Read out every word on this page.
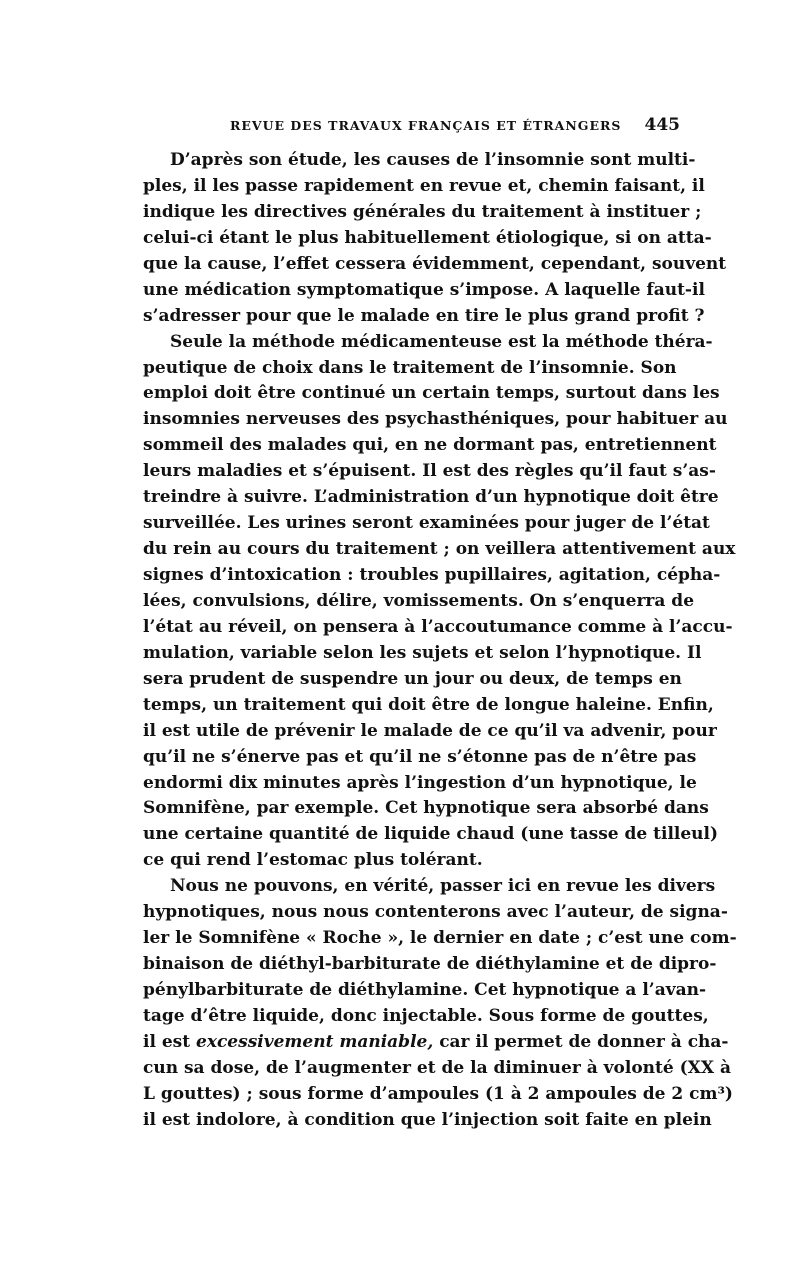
REVUE DES TRAVAUX FRANÇAIS ET ÉTRANGERS 445
D’après son étude, les causes de l’insomnie sont multi-
ples, il les passe rapidement en revue et, chemin faisant, il
indique les directives générales du traitement à instituer ;
celui-ci étant le plus habituellement étiologique, si on atta-
que la cause, l’effet cessera évidemment, cependant, souvent
une médication symptomatique s’impose. A laquelle faut-il
s’adresser pour que le malade en tire le plus grand profit ?
Seule la méthode médicamenteuse est la méthode théra-
peutique de choix dans le traitement de l’insomnie. Son
emploi doit être continué un certain temps, surtout dans les
insomnies nerveuses des psychasthéniques, pour habituer au
sommeil des malades qui, en ne dormant pas, entretiennent
leurs maladies et s’épuisent. Il est des règles qu’il faut s’as-
treindre à suivre. L’administration d’un hypnotique doit être
surveillée. Les urines seront examinées pour juger de l’état
du rein au cours du traitement ; on veillera attentivement aux
signes d’intoxication : troubles pupillaires, agitation, cépha-
lées, convulsions, délire, vomissements. On s’enquerra de
l’état au réveil, on pensera à l’accoutumance comme à l’accu-
mulation, variable selon les sujets et selon l’hypnotique. Il
sera prudent de suspendre un jour ou deux, de temps en
temps, un traitement qui doit être de longue haleine. Enfin,
il est utile de prévenir le malade de ce qu’il va advenir, pour
qu’il ne s’énerve pas et qu’il ne s’étonne pas de n’être pas
endormi dix minutes après l’ingestion d’un hypnotique, le
Somnifène, par exemple. Cet hypnotique sera absorbé dans
une certaine quantité de liquide chaud (une tasse de tilleul)
ce qui rend l’estomac plus tolérant.
Nous ne pouvons, en vérité, passer ici en revue les divers
hypnotiques, nous nous contenterons avec l’auteur, de signa-
ler le Somnifène « Roche », le dernier en date ; c’est une com-
binaison de diéthyl-barbiturate de diéthylamine et de dipro-
pénylbarbiturate de diéthylamine. Cet hypnotique a l’avan-
tage d’être liquide, donc injectable. Sous forme de gouttes,
il est excessivement maniable, car il permet de donner à cha-
cun sa dose, de l’augmenter et de la diminuer à volonté (XX à
L gouttes) ; sous forme d’ampoules (1 à 2 ampoules de 2 cm³)
il est indolore, à condition que l’injection soit faite en plein
